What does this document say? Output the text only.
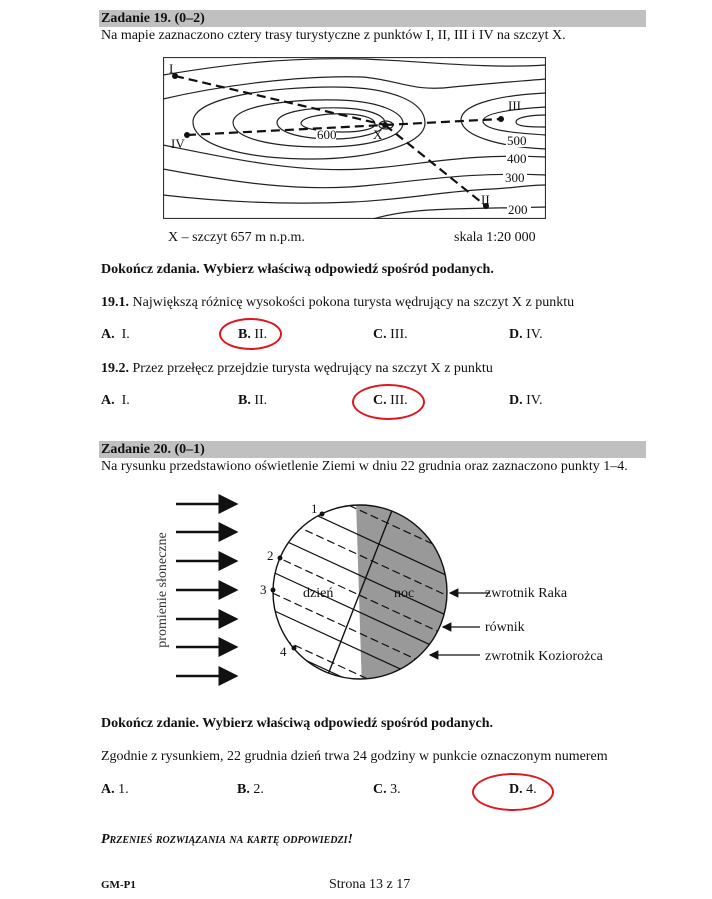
Zadanie 19. (0–2)
Na mapie zaznaczono cztery trasy turystyczne z punktów I, II, III i IV na szczyt X.
I
IV
II
III
X
600	500
400
300
200
X – szczyt 657 m n.p.m.	skala 1:20 000
Dokończ zdania. Wybierz właściwą odpowiedź spośród podanych.
19.1. Największą różnicę wysokości pokona turysta wędrujący na szczyt X z punktu
A. I.	B. II.	C. III.	D. IV.
19.2. Przez przełęcz przejdzie turysta wędrujący na szczyt X z punktu
A. I.	B. II.	C. III.	D. IV.
Zadanie 20. (0–1)
Na rysunku przedstawiono oświetlenie Ziemi w dniu 22 grudnia oraz zaznaczono punkty 1–4.
promienie słoneczne
1
2
3
4
dzień	noc	zwrotnik Raka
równik
zwrotnik Koziorożca
Dokończ zdanie. Wybierz właściwą odpowiedź spośród podanych.
Zgodnie z rysunkiem, 22 grudnia dzień trwa 24 godziny w punkcie oznaczonym numerem
A. 1.	B. 2.	C. 3.	D. 4.
Przenieś rozwiązania na kartę odpowiedzi!
GM-P1	Strona 13 z 17
